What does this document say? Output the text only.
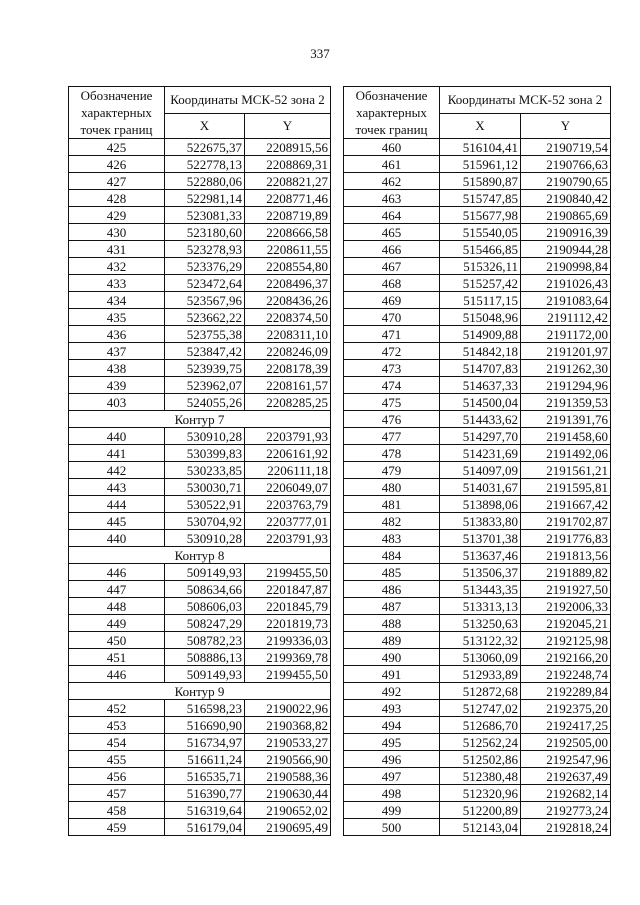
337
Обозначение характерных точек границ	Координаты МСК-52 зона 2	
	X	Y
425	522675,37	2208915,56
426	522778,13	2208869,31
427	522880,06	2208821,27
428	522981,14	2208771,46
429	523081,33	2208719,89
430	523180,60	2208666,58
431	523278,93	2208611,55
432	523376,29	2208554,80
433	523472,64	2208496,37
434	523567,96	2208436,26
435	523662,22	2208374,50
436	523755,38	2208311,10
437	523847,42	2208246,09
438	523939,75	2208178,39
439	523962,07	2208161,57
403	524055,26	2208285,25
Контур 7		
440	530910,28	2203791,93
441	530399,83	2206161,92
442	530233,85	2206111,18
443	530030,71	2206049,07
444	530522,91	2203763,79
445	530704,92	2203777,01
440	530910,28	2203791,93
Контур 8		
446	509149,93	2199455,50
447	508634,66	2201847,87
448	508606,03	2201845,79
449	508247,29	2201819,73
450	508782,23	2199336,03
451	508886,13	2199369,78
446	509149,93	2199455,50
Контур 9		
452	516598,23	2190022,96
453	516690,90	2190368,82
454	516734,97	2190533,27
455	516611,24	2190566,90
456	516535,71	2190588,36
457	516390,77	2190630,44
458	516319,64	2190652,02
459	516179,04	2190695,49
Обозначение характерных точек границ	Координаты МСК-52 зона 2	
	X	Y
460	516104,41	2190719,54
461	515961,12	2190766,63
462	515890,87	2190790,65
463	515747,85	2190840,42
464	515677,98	2190865,69
465	515540,05	2190916,39
466	515466,85	2190944,28
467	515326,11	2190998,84
468	515257,42	2191026,43
469	515117,15	2191083,64
470	515048,96	2191112,42
471	514909,88	2191172,00
472	514842,18	2191201,97
473	514707,83	2191262,30
474	514637,33	2191294,96
475	514500,04	2191359,53
476	514433,62	2191391,76
477	514297,70	2191458,60
478	514231,69	2191492,06
479	514097,09	2191561,21
480	514031,67	2191595,81
481	513898,06	2191667,42
482	513833,80	2191702,87
483	513701,38	2191776,83
484	513637,46	2191813,56
485	513506,37	2191889,82
486	513443,35	2191927,50
487	513313,13	2192006,33
488	513250,63	2192045,21
489	513122,32	2192125,98
490	513060,09	2192166,20
491	512933,89	2192248,74
492	512872,68	2192289,84
493	512747,02	2192375,20
494	512686,70	2192417,25
495	512562,24	2192505,00
496	512502,86	2192547,96
497	512380,48	2192637,49
498	512320,96	2192682,14
499	512200,89	2192773,24
500	512143,04	2192818,24
